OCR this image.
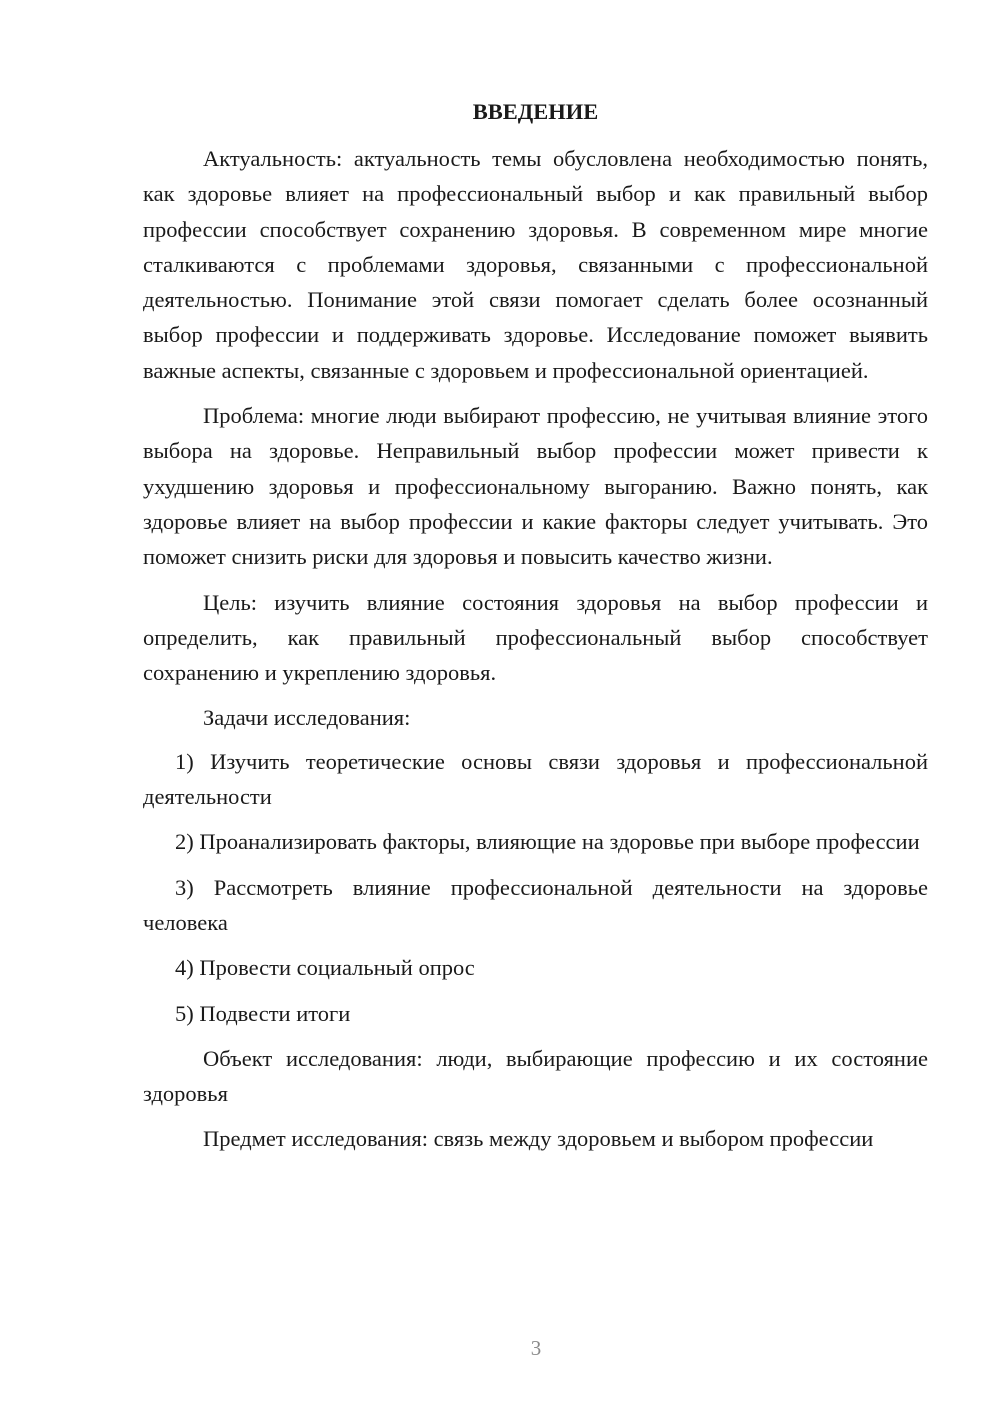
ВВЕДЕНИЕ

Актуальность: актуальность темы обусловлена необходимостью понять, как здоровье влияет на профессиональный выбор и как правильный выбор профессии способствует сохранению здоровья. В современном мире многие сталкиваются с проблемами здоровья, связанными с профессиональной деятельностью. Понимание этой связи помогает сделать более осознанный выбор профессии и поддерживать здоровье. Исследование поможет выявить важные аспекты, связанные с здоровьем и профессиональной ориентацией.

Проблема: многие люди выбирают профессию, не учитывая влияние этого выбора на здоровье. Неправильный выбор профессии может привести к ухудшению здоровья и профессиональному выгоранию. Важно понять, как здоровье влияет на выбор профессии и какие факторы следует учитывать. Это поможет снизить риски для здоровья и повысить качество жизни.

Цель: изучить влияние состояния здоровья на выбор профессии и определить, как правильный профессиональный выбор способствует сохранению и укреплению здоровья.

Задачи исследования:

1) Изучить теоретические основы связи здоровья и профессиональной деятельности

2) Проанализировать факторы, влияющие на здоровье при выборе профессии

3) Рассмотреть влияние профессиональной деятельности на здоровье человека

4) Провести социальный опрос

5) Подвести итоги

Объект исследования: люди, выбирающие профессию и их состояние здоровья

Предмет исследования: связь между здоровьем и выбором профессии

3
